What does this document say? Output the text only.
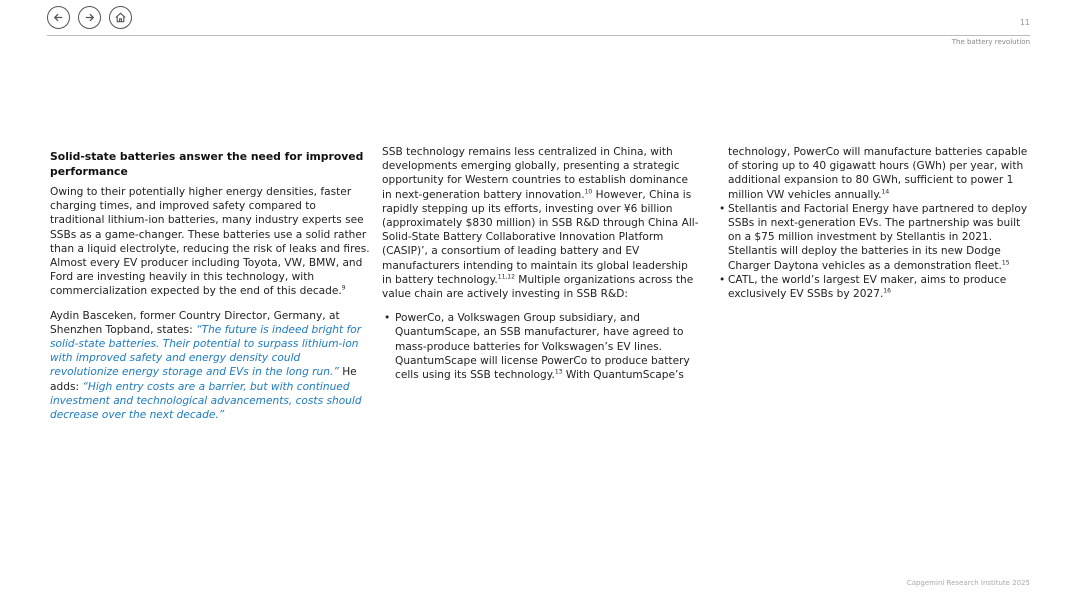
11
The battery revolution
Solid-state batteries answer the need for improved performance

Owing to their potentially higher energy densities, faster charging times, and improved safety compared to traditional lithium-ion batteries, many industry experts see SSBs as a game-changer. These batteries use a solid rather than a liquid electrolyte, reducing the risk of leaks and fires. Almost every EV producer including Toyota, VW, BMW, and Ford are investing heavily in this technology, with commercialization expected by the end of this decade.$^9$

Aydin Basceken, former Country Director, Germany, at Shenzhen Topband, states: “The future is indeed bright for solid-state batteries. Their potential to surpass lithium-ion with improved safety and energy density could revolutionize energy storage and EVs in the long run.” He adds: “High entry costs are a barrier, but with continued investment and technological advancements, costs should decrease over the next decade.”

SSB technology remains less centralized in China, with developments emerging globally, presenting a strategic opportunity for Western countries to establish dominance in next-generation battery innovation.$^{10}$ However, China is rapidly stepping up its efforts, investing over ¥6 billion (approximately $830 million) in SSB R&D through China All-Solid-State Battery Collaborative Innovation Platform (CASIP)’, a consortium of leading battery and EV manufacturers intending to maintain its global leadership in battery technology.$^{11,12}$ Multiple organizations across the value chain are actively investing in SSB R&D:

• PowerCo, a Volkswagen Group subsidiary, and QuantumScape, an SSB manufacturer, have agreed to mass-produce batteries for Volkswagen’s EV lines. QuantumScape will license PowerCo to produce battery cells using its SSB technology.$^{13}$ With QuantumScape’s

technology, PowerCo will manufacture batteries capable of storing up to 40 gigawatt hours (GWh) per year, with additional expansion to 80 GWh, sufficient to power 1 million VW vehicles annually.$^{14}$

• Stellantis and Factorial Energy have partnered to deploy SSBs in next-generation EVs. The partnership was built on a $75 million investment by Stellantis in 2021. Stellantis will deploy the batteries in its new Dodge Charger Daytona vehicles as a demonstration fleet.$^{15}$
• CATL, the world’s largest EV maker, aims to produce exclusively EV SSBs by 2027.16
Capgemini Research Institute 2025
